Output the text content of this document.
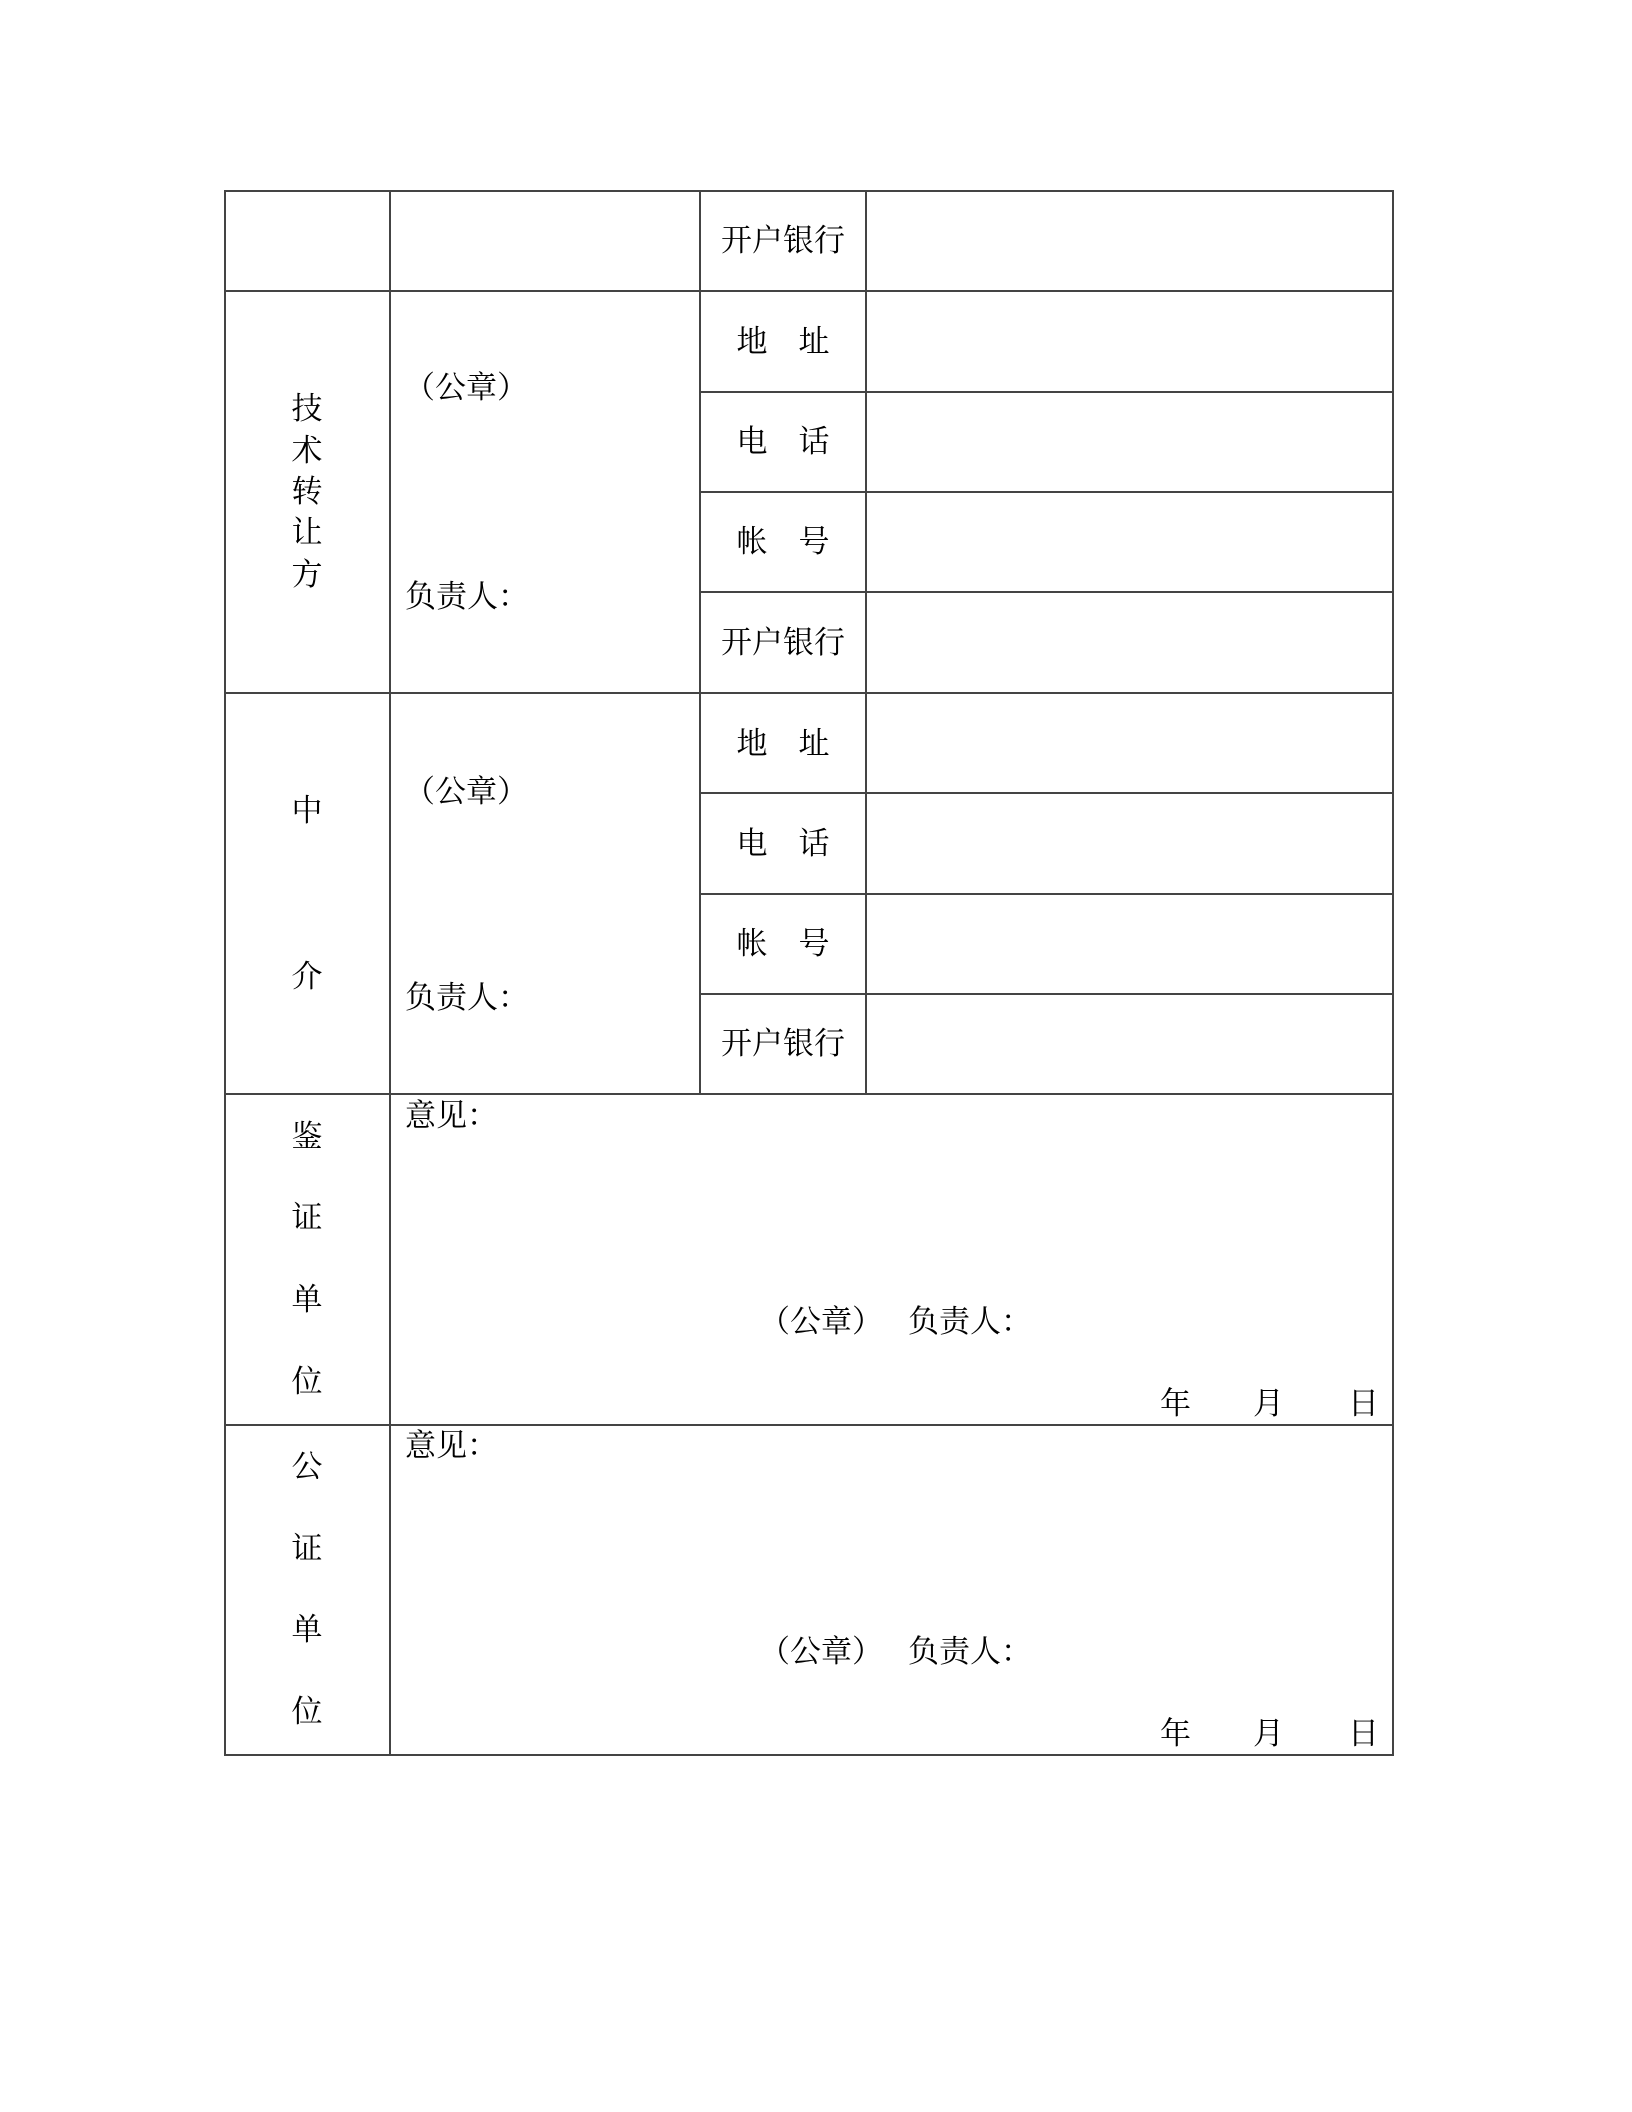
开户银行
技
术
转
让
方
（公章）
负责人：
地　址
电　话
帐　号
开户银行
中
介
（公章）
负责人：
地　址
电　话
帐　号
开户银行
鉴
证
单
位
意见：
（公章） 负责人：
年 月 日
公
证
单
位
意见：
（公章） 负责人：
年 月 日
